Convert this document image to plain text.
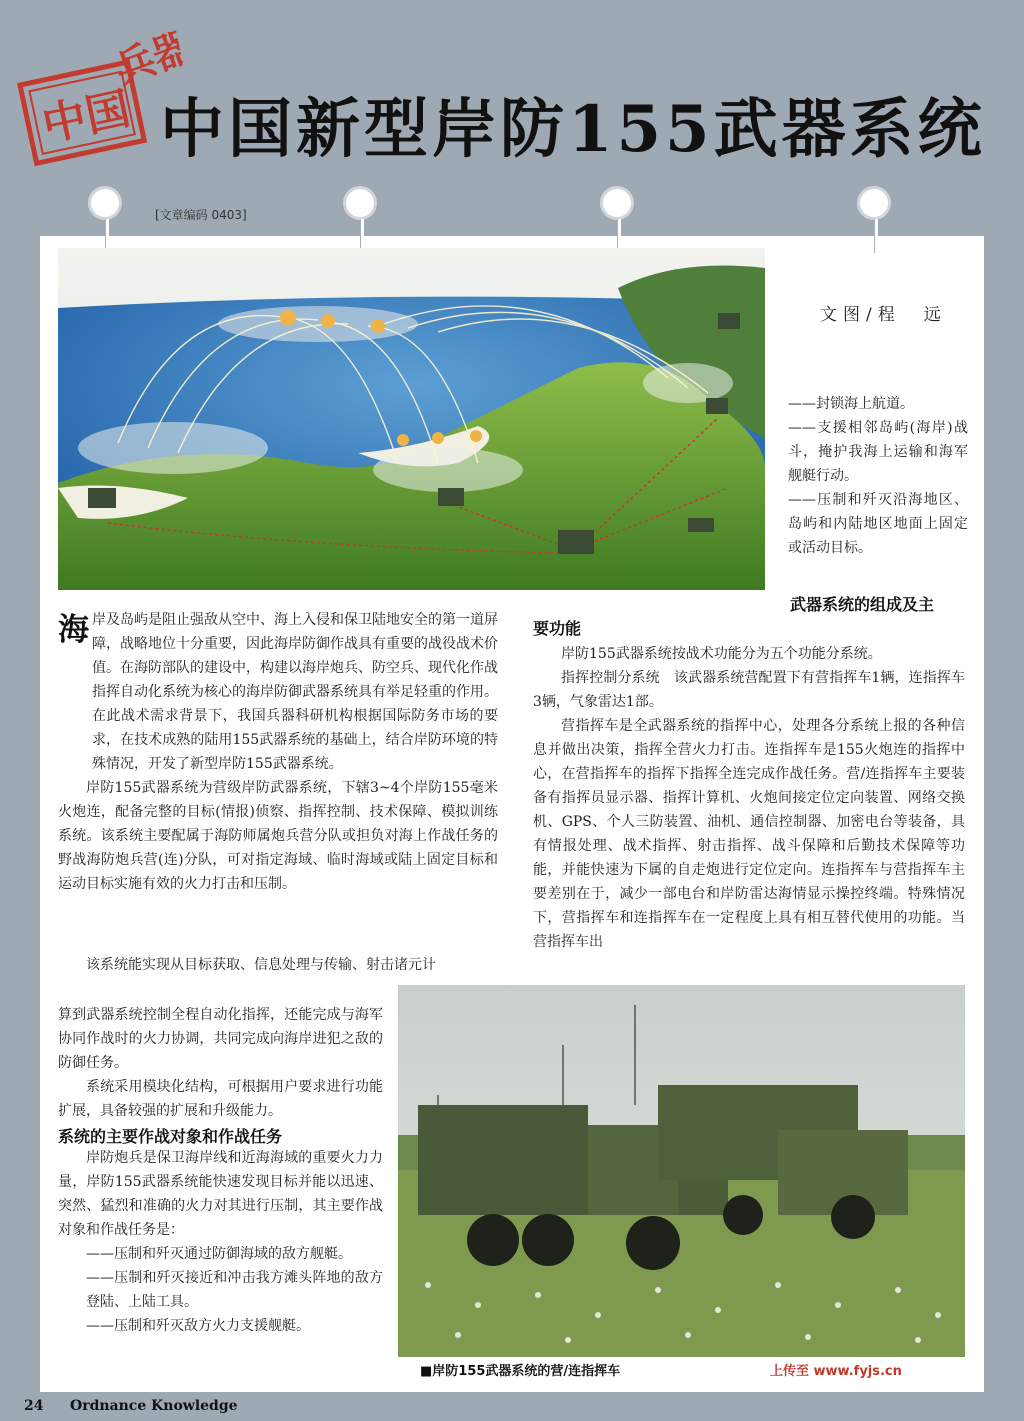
中国
兵器
中国新型岸防155武器系统
[文章编码 0403]
文图/程　远

——封锁海上航道。

——支援相邻岛屿(海岸)战斗，掩护我海上运输和海军舰艇行动。

——压制和歼灭沿海地区、岛屿和内陆地区地面上固定或活动目标。

武器系统的组成及主
要功能
海 岸及岛屿是阻止强敌从空中、海上入侵和保卫陆地安全的第一道屏障，战略地位十分重要，因此海岸防御作战具有重要的战役战术价值。在海防部队的建设中，构建以海岸炮兵、防空兵、现代化作战指挥自动化系统为核心的海岸防御武器系统具有举足轻重的作用。在此战术需求背景下，我国兵器科研机构根据国际防务市场的要求，在技术成熟的陆用155武器系统的基础上，结合岸防环境的特殊情况，开发了新型岸防155武器系统。

岸防155武器系统为营级岸防武器系统，下辖3~4个岸防155毫米火炮连，配备完整的目标(情报)侦察、指挥控制、技术保障、模拟训练系统。该系统主要配属于海防师属炮兵营分队或担负对海上作战任务的野战海防炮兵营(连)分队，可对指定海域、临时海域或陆上固定目标和运动目标实施有效的火力打击和压制。

该系统能实现从目标获取、信息处理与传输、射击诸元计

算到武器系统控制全程自动化指挥，还能完成与海军协同作战时的火力协调，共同完成向海岸进犯之敌的防御任务。

系统采用模块化结构，可根据用户要求进行功能扩展，具备较强的扩展和升级能力。

系统的主要作战对象和作战任务

岸防炮兵是保卫海岸线和近海海域的重要火力力量，岸防155武器系统能快速发现目标并能以迅速、突然、猛烈和准确的火力对其进行压制，其主要作战对象和作战任务是：

——压制和歼灭通过防御海域的敌方舰艇。

——压制和歼灭接近和冲击我方滩头阵地的敌方登陆、上陆工具。

——压制和歼灭敌方火力支援舰艇。

岸防155武器系统按战术功能分为五个功能分系统。

指挥控制分系统　该武器系统营配置下有营指挥车1辆，连指挥车3辆，气象雷达1部。

营指挥车是全武器系统的指挥中心，处理各分系统上报的各种信息并做出决策，指挥全营火力打击。连指挥车是155火炮连的指挥中心，在营指挥车的指挥下指挥全连完成作战任务。营/连指挥车主要装备有指挥员显示器、指挥计算机、火炮间接定位定向装置、网络交换机、GPS、个人三防装置、油机、通信控制器、加密电台等装备，具有情报处理、战术指挥、射击指挥、战斗保障和后勤技术保障等功能，并能快速为下属的自走炮进行定位定向。连指挥车与营指挥车主要差别在于，减少一部电台和岸防雷达海情显示操控终端。特殊情况下，营指挥车和连指挥车在一定程度上具有相互替代使用的功能。当营指挥车出

■岸防155武器系统的营/连指挥车	上传至 www.fyjs.cn
24 Ordnance Knowledge
